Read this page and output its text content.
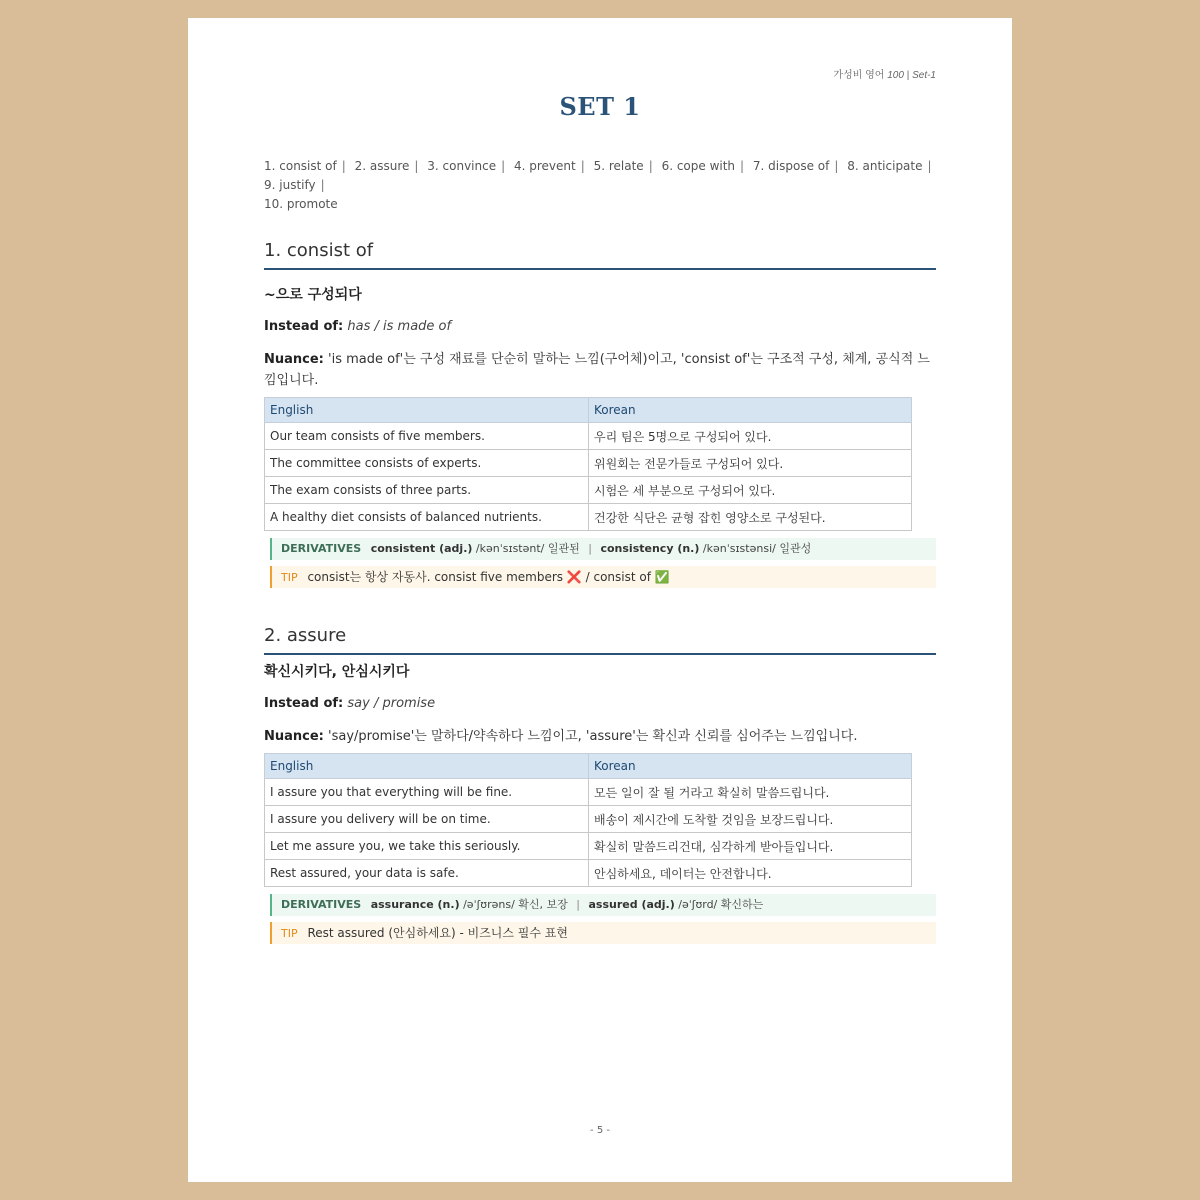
가성비 영어 100 | Set-1
SET 1
1. consist of | 2. assure | 3. convince | 4. prevent | 5. relate | 6. cope with | 7. dispose of | 8. anticipate | 9. justify |
10. promote
1. consist of
~으로 구성되다
Instead of: has / is made of
Nuance: 'is made of'는 구성 재료를 단순히 말하는 느낌(구어체)이고, 'consist of'는 구조적 구성, 체계, 공식적 느낌입니다.
English	Korean
Our team consists of five members.	우리 팀은 5명으로 구성되어 있다.
The committee consists of experts.	위원회는 전문가들로 구성되어 있다.
The exam consists of three parts.	시험은 세 부분으로 구성되어 있다.
A healthy diet consists of balanced nutrients.	건강한 식단은 균형 잡힌 영양소로 구성된다.
DERIVATIVES consistent (adj.) /kənˈsɪstənt/ 일관된 | consistency (n.) /kənˈsɪstənsi/ 일관성
TIP consist는 항상 자동사. consist five members ❌ / consist of ✅
2. assure
확신시키다, 안심시키다
Instead of: say / promise
Nuance: 'say/promise'는 말하다/약속하다 느낌이고, 'assure'는 확신과 신뢰를 심어주는 느낌입니다.
English	Korean
I assure you that everything will be fine.	모든 일이 잘 될 거라고 확실히 말씀드립니다.
I assure you delivery will be on time.	배송이 제시간에 도착할 것임을 보장드립니다.
Let me assure you, we take this seriously.	확실히 말씀드리건대, 심각하게 받아들입니다.
Rest assured, your data is safe.	안심하세요, 데이터는 안전합니다.
DERIVATIVES assurance (n.) /əˈʃʊrəns/ 확신, 보장 | assured (adj.) /əˈʃʊrd/ 확신하는
TIP Rest assured (안심하세요) - 비즈니스 필수 표현
- 5 -
